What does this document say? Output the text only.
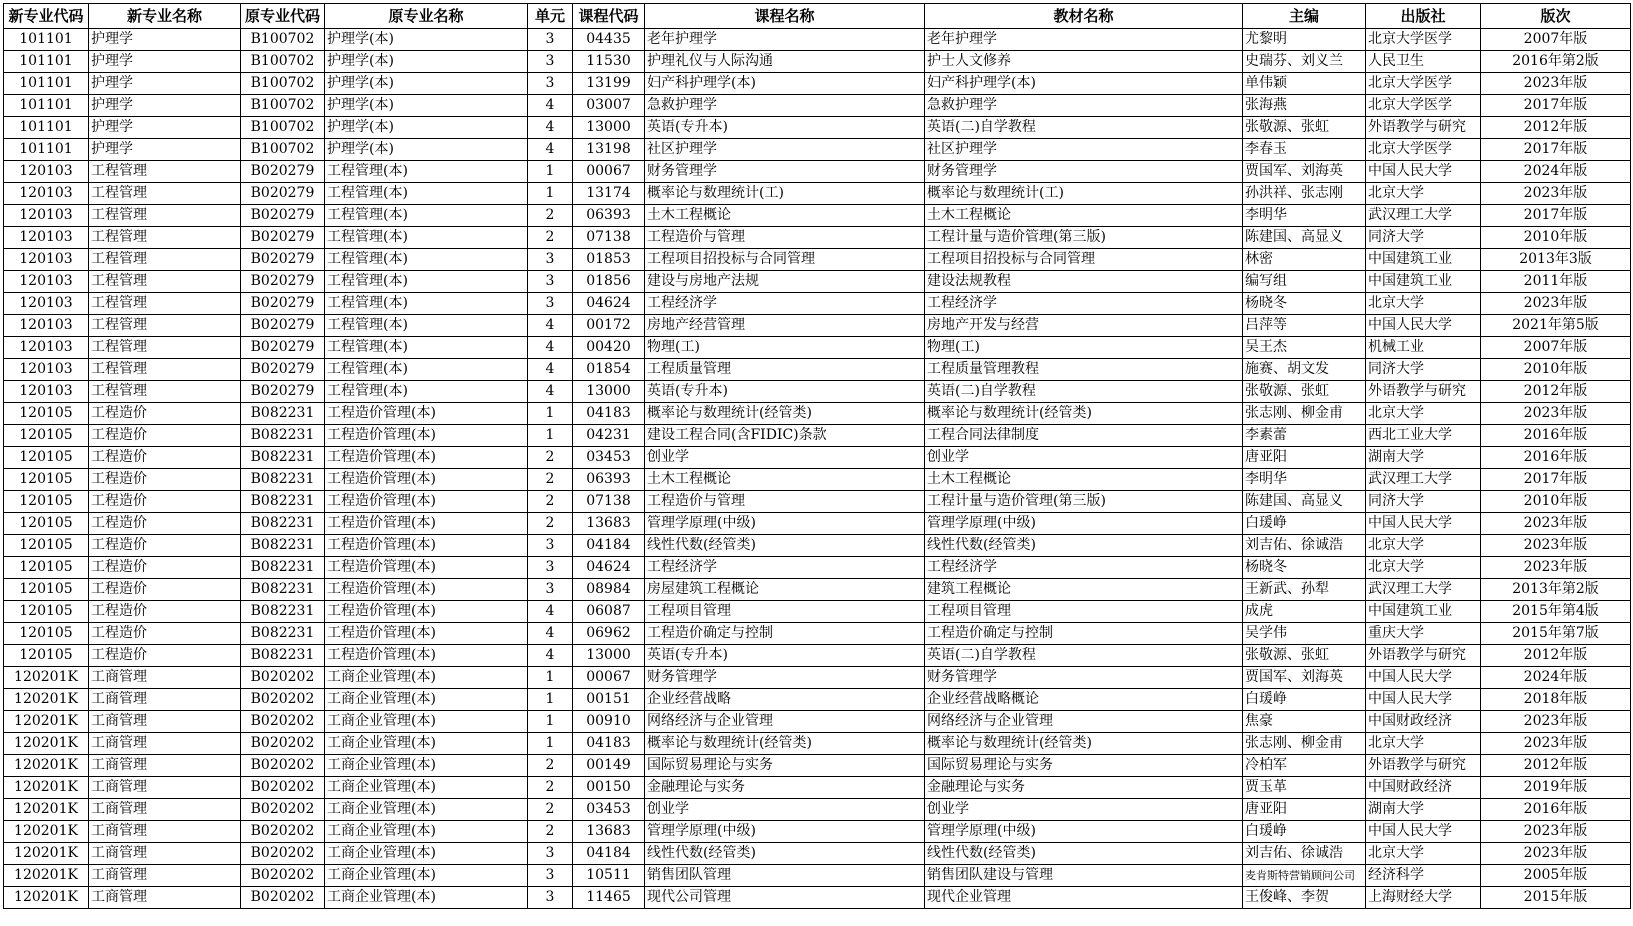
新专业代码	新专业名称	原专业代码	原专业名称	单元	课程代码	课程名称	教材名称	主编	出版社	版次
101101	护理学	B100702	护理学(本)	3	04435	老年护理学	老年护理学	尤黎明	北京大学医学	2007年版
101101	护理学	B100702	护理学(本)	3	11530	护理礼仪与人际沟通	护士人文修养	史瑞芬、刘义兰	人民卫生	2016年第2版
101101	护理学	B100702	护理学(本)	3	13199	妇产科护理学(本)	妇产科护理学(本)	单伟颖	北京大学医学	2023年版
101101	护理学	B100702	护理学(本)	4	03007	急救护理学	急救护理学	张海燕	北京大学医学	2017年版
101101	护理学	B100702	护理学(本)	4	13000	英语(专升本)	英语(二)自学教程	张敬源、张虹	外语教学与研究	2012年版
101101	护理学	B100702	护理学(本)	4	13198	社区护理学	社区护理学	李春玉	北京大学医学	2017年版
120103	工程管理	B020279	工程管理(本)	1	00067	财务管理学	财务管理学	贾国军、刘海英	中国人民大学	2024年版
120103	工程管理	B020279	工程管理(本)	1	13174	概率论与数理统计(工)	概率论与数理统计(工)	孙洪祥、张志刚	北京大学	2023年版
120103	工程管理	B020279	工程管理(本)	2	06393	土木工程概论	土木工程概论	李明华	武汉理工大学	2017年版
120103	工程管理	B020279	工程管理(本)	2	07138	工程造价与管理	工程计量与造价管理(第三版)	陈建国、高显义	同济大学	2010年版
120103	工程管理	B020279	工程管理(本)	3	01853	工程项目招投标与合同管理	工程项目招投标与合同管理	林密	中国建筑工业	2013年3版
120103	工程管理	B020279	工程管理(本)	3	01856	建设与房地产法规	建设法规教程	编写组	中国建筑工业	2011年版
120103	工程管理	B020279	工程管理(本)	3	04624	工程经济学	工程经济学	杨晓冬	北京大学	2023年版
120103	工程管理	B020279	工程管理(本)	4	00172	房地产经营管理	房地产开发与经营	吕萍等	中国人民大学	2021年第5版
120103	工程管理	B020279	工程管理(本)	4	00420	物理(工)	物理(工)	吴王杰	机械工业	2007年版
120103	工程管理	B020279	工程管理(本)	4	01854	工程质量管理	工程质量管理教程	施赛、胡文发	同济大学	2010年版
120103	工程管理	B020279	工程管理(本)	4	13000	英语(专升本)	英语(二)自学教程	张敬源、张虹	外语教学与研究	2012年版
120105	工程造价	B082231	工程造价管理(本)	1	04183	概率论与数理统计(经管类)	概率论与数理统计(经管类)	张志刚、柳金甫	北京大学	2023年版
120105	工程造价	B082231	工程造价管理(本)	1	04231	建设工程合同(含FIDIC)条款	工程合同法律制度	李素蕾	西北工业大学	2016年版
120105	工程造价	B082231	工程造价管理(本)	2	03453	创业学	创业学	唐亚阳	湖南大学	2016年版
120105	工程造价	B082231	工程造价管理(本)	2	06393	土木工程概论	土木工程概论	李明华	武汉理工大学	2017年版
120105	工程造价	B082231	工程造价管理(本)	2	07138	工程造价与管理	工程计量与造价管理(第三版)	陈建国、高显义	同济大学	2010年版
120105	工程造价	B082231	工程造价管理(本)	2	13683	管理学原理(中级)	管理学原理(中级)	白瑗峥	中国人民大学	2023年版
120105	工程造价	B082231	工程造价管理(本)	3	04184	线性代数(经管类)	线性代数(经管类)	刘吉佑、徐诚浩	北京大学	2023年版
120105	工程造价	B082231	工程造价管理(本)	3	04624	工程经济学	工程经济学	杨晓冬	北京大学	2023年版
120105	工程造价	B082231	工程造价管理(本)	3	08984	房屋建筑工程概论	建筑工程概论	王新武、孙犁	武汉理工大学	2013年第2版
120105	工程造价	B082231	工程造价管理(本)	4	06087	工程项目管理	工程项目管理	成虎	中国建筑工业	2015年第4版
120105	工程造价	B082231	工程造价管理(本)	4	06962	工程造价确定与控制	工程造价确定与控制	吴学伟	重庆大学	2015年第7版
120105	工程造价	B082231	工程造价管理(本)	4	13000	英语(专升本)	英语(二)自学教程	张敬源、张虹	外语教学与研究	2012年版
120201K	工商管理	B020202	工商企业管理(本)	1	00067	财务管理学	财务管理学	贾国军、刘海英	中国人民大学	2024年版
120201K	工商管理	B020202	工商企业管理(本)	1	00151	企业经营战略	企业经营战略概论	白瑗峥	中国人民大学	2018年版
120201K	工商管理	B020202	工商企业管理(本)	1	00910	网络经济与企业管理	网络经济与企业管理	焦豪	中国财政经济	2023年版
120201K	工商管理	B020202	工商企业管理(本)	1	04183	概率论与数理统计(经管类)	概率论与数理统计(经管类)	张志刚、柳金甫	北京大学	2023年版
120201K	工商管理	B020202	工商企业管理(本)	2	00149	国际贸易理论与实务	国际贸易理论与实务	冷柏军	外语教学与研究	2012年版
120201K	工商管理	B020202	工商企业管理(本)	2	00150	金融理论与实务	金融理论与实务	贾玉革	中国财政经济	2019年版
120201K	工商管理	B020202	工商企业管理(本)	2	03453	创业学	创业学	唐亚阳	湖南大学	2016年版
120201K	工商管理	B020202	工商企业管理(本)	2	13683	管理学原理(中级)	管理学原理(中级)	白瑗峥	中国人民大学	2023年版
120201K	工商管理	B020202	工商企业管理(本)	3	04184	线性代数(经管类)	线性代数(经管类)	刘吉佑、徐诚浩	北京大学	2023年版
120201K	工商管理	B020202	工商企业管理(本)	3	10511	销售团队管理	销售团队建设与管理	麦肯斯特营销顾问公司	经济科学	2005年版
120201K	工商管理	B020202	工商企业管理(本)	3	11465	现代公司管理	现代企业管理	王俊峰、李贺	上海财经大学	2015年版
